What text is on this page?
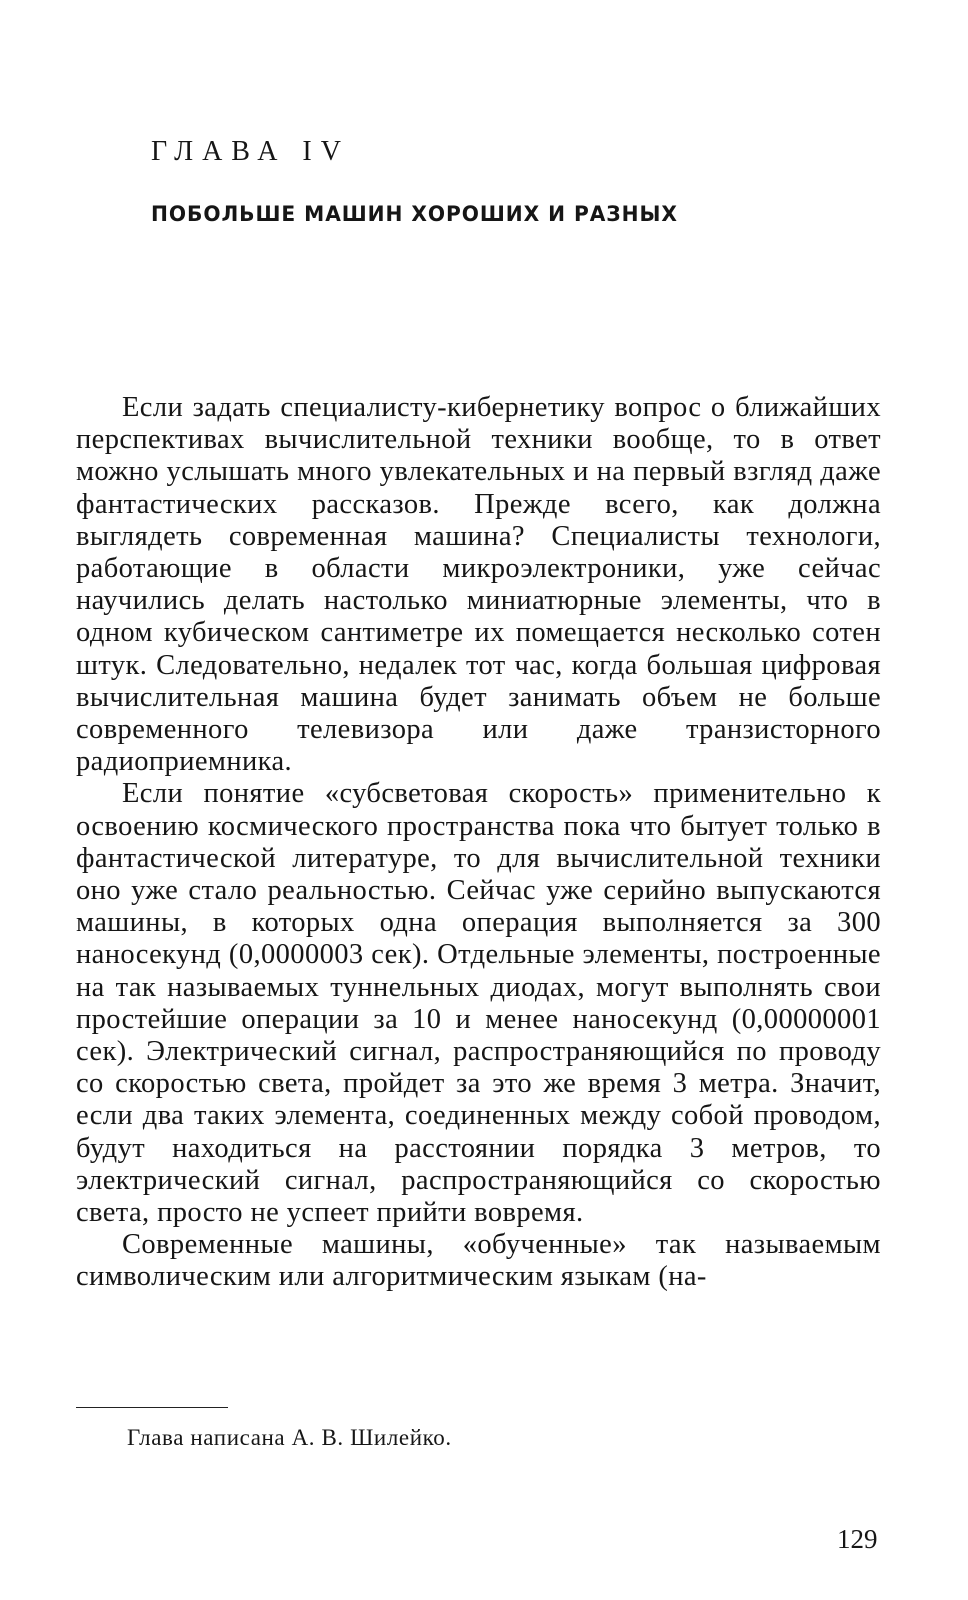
ГЛАВА IV
ПОБОЛЬШЕ МАШИН ХОРОШИХ И РАЗНЫХ

Если задать специалисту-кибернетику вопрос о ближайших перспективах вычислительной техники вообще, то в ответ можно услышать много увлекательных и на первый взгляд даже фантастических рассказов. Прежде всего, как должна выглядеть современная машина? Специалисты технологи, работающие в области микроэлектроники, уже сейчас научились делать настолько миниатюрные элементы, что в одном кубическом сантиметре их помещается несколько сотен штук. Следовательно, недалек тот час, когда большая цифровая вычислительная машина будет занимать объем не больше современного телевизора или даже транзисторного радиоприемника.

Если понятие «субсветовая скорость» применительно к освоению космического пространства пока что бытует только в фантастической литературе, то для вычислительной техники оно уже стало реальностью. Сейчас уже серийно выпускаются машины, в которых одна операция выполняется за 300 наносекунд (0,0000003 сек). Отдельные элементы, построенные на так называемых туннельных диодах, могут выполнять свои простейшие операции за 10 и менее наносекунд (0,00000001 сек). Электрический сигнал, распространяющийся по проводу со скоростью света, пройдет за это же время 3 метра. Значит, если два таких элемента, соединенных между собой проводом, будут находиться на расстоянии порядка 3 метров, то электрический сигнал, распространяющийся со скоростью света, просто не успеет прийти вовремя.

Современные машины, «обученные» так называемым символическим или алгоритмическим языкам (на-

Глава написана А. В. Шилейко.
129
